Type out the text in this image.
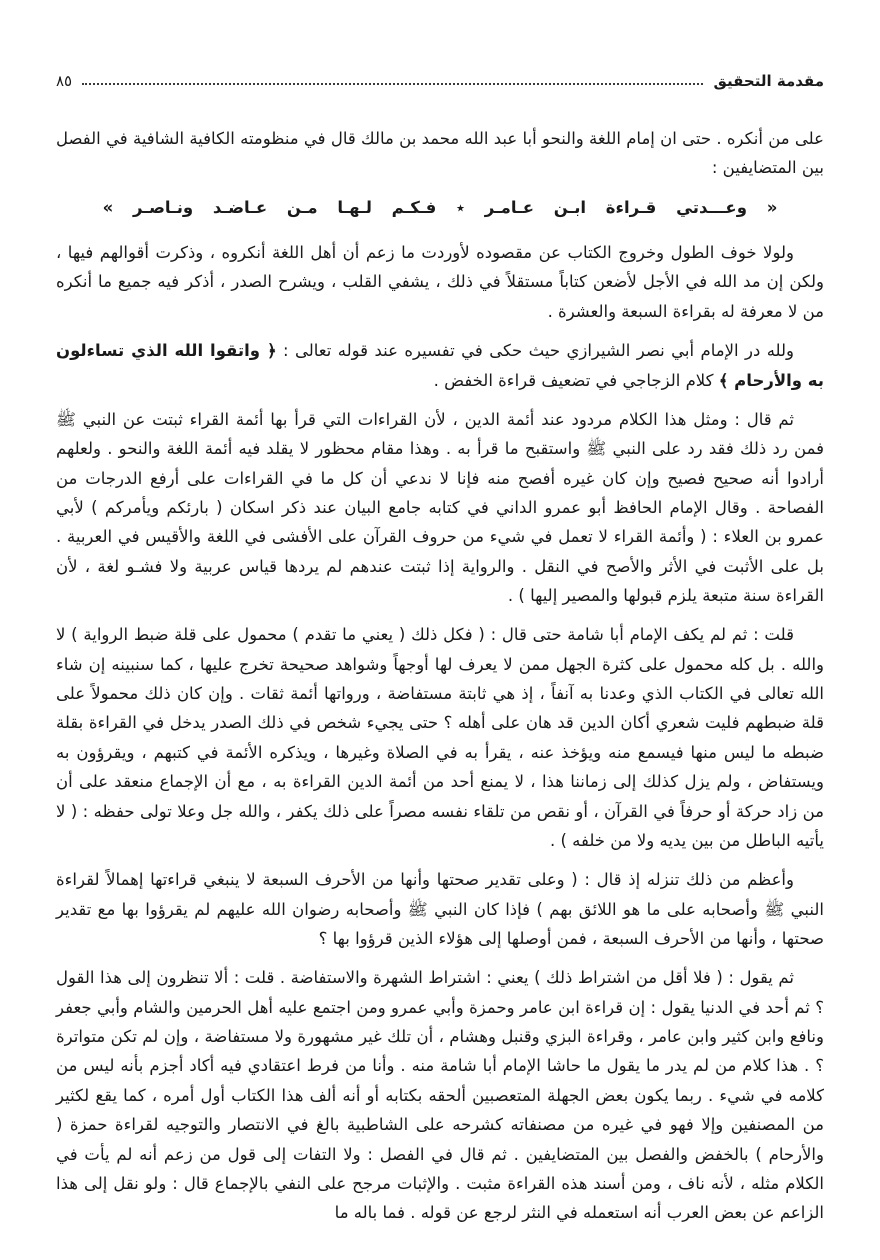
مقدمة التحقيق
٨٥

على من أنكره . حتى ان إمام اللغة والنحو أبا عبد الله محمد بن مالك قال في منظومته الكافية الشافية في الفصل بين المتضايفين :

« وعـــدتي قـراءة ابـن عـامـر ٭ فـكـم لـهـا مـن عـاضـد ونـاصـر »

ولولا خوف الطول وخروج الكتاب عن مقصوده لأوردت ما زعم أن أهل اللغة أنكروه ، وذكرت أقوالهم فيها ، ولكن إن مد الله في الأجل لأضعن كتاباً مستقلاً في ذلك ، يشفي القلب ، ويشرح الصدر ، أذكر فيه جميع ما أنكره من لا معرفة له بقراءة السبعة والعشرة .

ولله در الإمام أبي نصر الشيرازي حيث حكى في تفسيره عند قوله تعالى : ﴿ واتقوا الله الذي تساءلون به والأرحام ﴾ كلام الزجاجي في تضعيف قراءة الخفض .

ثم قال : ومثل هذا الكلام مردود عند أئمة الدين ، لأن القراءات التي قرأ بها أئمة القراء ثبتت عن النبي ﷺ فمن رد ذلك فقد رد على النبي ﷺ واستقبح ما قرأ به . وهذا مقام محظور لا يقلد فيه أئمة اللغة والنحو . ولعلهم أرادوا أنه صحيح فصيح وإن كان غيره أفصح منه فإنا لا ندعي أن كل ما في القراءات على أرفع الدرجات من الفصاحة . وقال الإمام الحافظ أبو عمرو الداني في كتابه جامع البيان عند ذكر اسكان ( بارئكم ويأمركم ) لأبي عمرو بن العلاء : ( وأئمة القراء لا تعمل في شيء من حروف القرآن على الأفشى في اللغة والأقيس في العربية . بل على الأثبت في الأثر والأصح في النقل . والرواية إذا ثبتت عندهم لم يردها قياس عربية ولا فشـو لغة ، لأن القراءة سنة متبعة يلزم قبولها والمصير إليها ) .

قلت : ثم لم يكف الإمام أبا شامة حتى قال : ( فكل ذلك ( يعني ما تقدم ) محمول على قلة ضبط الرواية ) لا والله . بل كله محمول على كثرة الجهل ممن لا يعرف لها أوجهاً وشواهد صحيحة تخرج عليها ، كما سنبينه إن شاء الله تعالى في الكتاب الذي وعدنا به آنفاً ، إذ هي ثابتة مستفاضة ، ورواتها أئمة ثقات . وإن كان ذلك محمولاً على قلة ضبطهم فليت شعري أكان الدين قد هان على أهله ؟ حتى يجيء شخص في ذلك الصدر يدخل في القراءة بقلة ضبطه ما ليس منها فيسمع منه ويؤخذ عنه ، يقرأ به في الصلاة وغيرها ، ويذكره الأئمة في كتبهم ، ويقرؤون به ويستفاض ، ولم يزل كذلك إلى زماننا هذا ، لا يمنع أحد من أئمة الدين القراءة به ، مع أن الإجماع منعقد على أن من زاد حركة أو حرفاً في القرآن ، أو نقص من تلقاء نفسه مصراً على ذلك يكفر ، والله جل وعلا تولى حفظه : ( لا يأتيه الباطل من بين يديه ولا من خلفه ) .

وأعظم من ذلك تنزله إذ قال : ( وعلى تقدير صحتها وأنها من الأحرف السبعة لا ينبغي قراءتها إهمالاً لقراءة النبي ﷺ وأصحابه على ما هو اللائق بهم ) فإذا كان النبي ﷺ وأصحابه رضوان الله عليهم لم يقرؤوا بها مع تقدير صحتها ، وأنها من الأحرف السبعة ، فمن أوصلها إلى هؤلاء الذين قرؤوا بها ؟

ثم يقول : ( فلا أقل من اشتراط ذلك ) يعني : اشتراط الشهرة والاستفاضة . قلت : ألا تنظرون إلى هذا القول ؟ ثم أحد في الدنيا يقول : إن قراءة ابن عامر وحمزة وأبي عمرو ومن اجتمع عليه أهل الحرمين والشام وأبي جعفر ونافع وابن كثير وابن عامر ، وقراءة البزي وقنبل وهشام ، أن تلك غير مشهورة ولا مستفاضة ، وإن لم تكن متواترة ؟ . هذا كلام من لم يدر ما يقول ما حاشا الإمام أبا شامة منه . وأنا من فرط اعتقادي فيه أكاد أجزم بأنه ليس من كلامه في شيء . ربما يكون بعض الجهلة المتعصبين ألحقه بكتابه أو أنه ألف هذا الكتاب أول أمره ، كما يقع لكثير من المصنفين وإلا فهو في غيره من مصنفاته كشرحه على الشاطبية بالغ في الانتصار والتوجيه لقراءة حمزة ( والأرحام ) بالخفض والفصل بين المتضايفين . ثم قال في الفصل : ولا التفات إلى قول من زعم أنه لم يأت في الكلام مثله ، لأنه ناف ، ومن أسند هذه القراءة مثبت . والإثبات مرجح على النفي بالإجماع قال : ولو نقل إلى هذا الزاعم عن بعض العرب أنه استعمله في النثر لرجع عن قوله . فما باله ما
